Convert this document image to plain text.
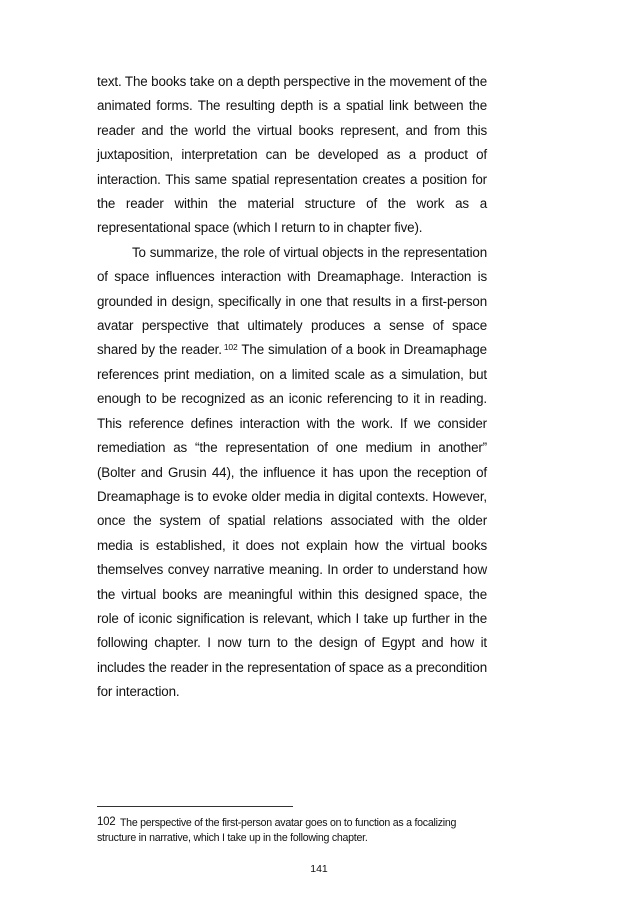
text. The books take on a depth perspective in the movement of the animated forms. The resulting depth is a spatial link between the reader and the world the virtual books represent, and from this juxtaposition, interpretation can be developed as a product of interaction. This same spatial representation creates a position for the reader within the material structure of the work as a representational space (which I return to in chapter five).

To summarize, the role of virtual objects in the representation of space influences interaction with Dreamaphage. Interaction is grounded in design, specifically in one that results in a first-person avatar perspective that ultimately produces a sense of space shared by the reader. $^{102}$ The simulation of a book in Dreamaphage references print mediation, on a limited scale as a simulation, but enough to be recognized as an iconic referencing to it in reading. This reference defines interaction with the work. If we consider remediation as “the representation of one medium in another” (Bolter and Grusin 44), the influence it has upon the reception of Dreamaphage is to evoke older media in digital contexts. However, once the system of spatial relations associated with the older media is established, it does not explain how the virtual books themselves convey narrative meaning. In order to understand how the virtual books are meaningful within this designed space, the role of iconic signification is relevant, which I take up further in the following chapter. I now turn to the design of Egypt and how it includes the reader in the representation of space as a precondition for interaction.

102 The perspective of the first-person avatar goes on to function as a focalizing structure in narrative, which I take up in the following chapter.
141
